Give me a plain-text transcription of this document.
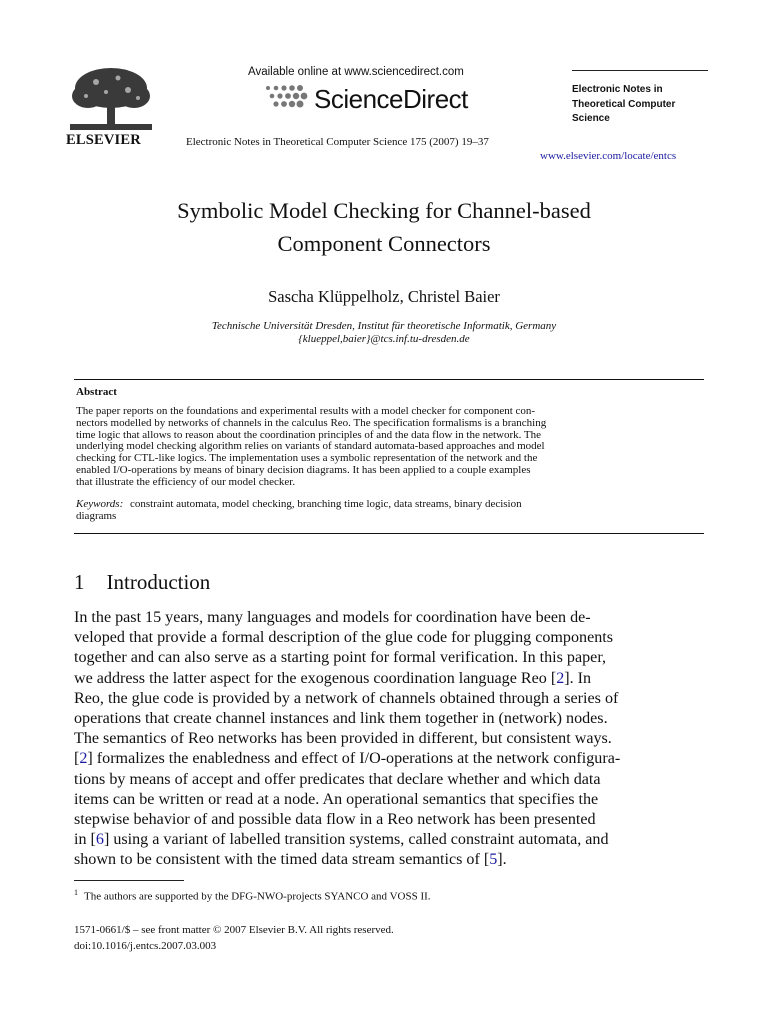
ELSEVIER
Available online at www.sciencedirect.com
ScienceDirect
Electronic Notes in Theoretical Computer Science 175 (2007) 19–37
Electronic Notes in
Theoretical Computer
Science
www.elsevier.com/locate/entcs
Symbolic Model Checking for Channel-based
Component Connectors
Sascha Klüppelholz, Christel Baier
Technische Universität Dresden, Institut für theoretische Informatik, Germany
{klueppel,baier}@tcs.inf.tu-dresden.de
Abstract
The paper reports on the foundations and experimental results with a model checker for component con-
nectors modelled by networks of channels in the calculus Reo. The specification formalisms is a branching
time logic that allows to reason about the coordination principles of and the data flow in the network. The
underlying model checking algorithm relies on variants of standard automata-based approaches and model
checking for CTL-like logics. The implementation uses a symbolic representation of the network and the
enabled I/O-operations by means of binary decision diagrams. It has been applied to a couple examples
that illustrate the efficiency of our model checker.
Keywords: constraint automata, model checking, branching time logic, data streams, binary decision
diagrams
1 Introduction
In the past 15 years, many languages and models for coordination have been de-
veloped that provide a formal description of the glue code for plugging components
together and can also serve as a starting point for formal verification. In this paper,
we address the latter aspect for the exogenous coordination language Reo [2]. In
Reo, the glue code is provided by a network of channels obtained through a series of
operations that create channel instances and link them together in (network) nodes.
The semantics of Reo networks has been provided in different, but consistent ways.
[2] formalizes the enabledness and effect of I/O-operations at the network configura-
tions by means of accept and offer predicates that declare whether and which data
items can be written or read at a node. An operational semantics that specifies the
stepwise behavior of and possible data flow in a Reo network has been presented
in [6] using a variant of labelled transition systems, called constraint automata, and
shown to be consistent with the timed data stream semantics of [5].
$^1$ The authors are supported by the DFG-NWO-projects SYANCO and VOSS II.
1571-0661/$ – see front matter © 2007 Elsevier B.V. All rights reserved.
doi:10.1016/j.entcs.2007.03.003
